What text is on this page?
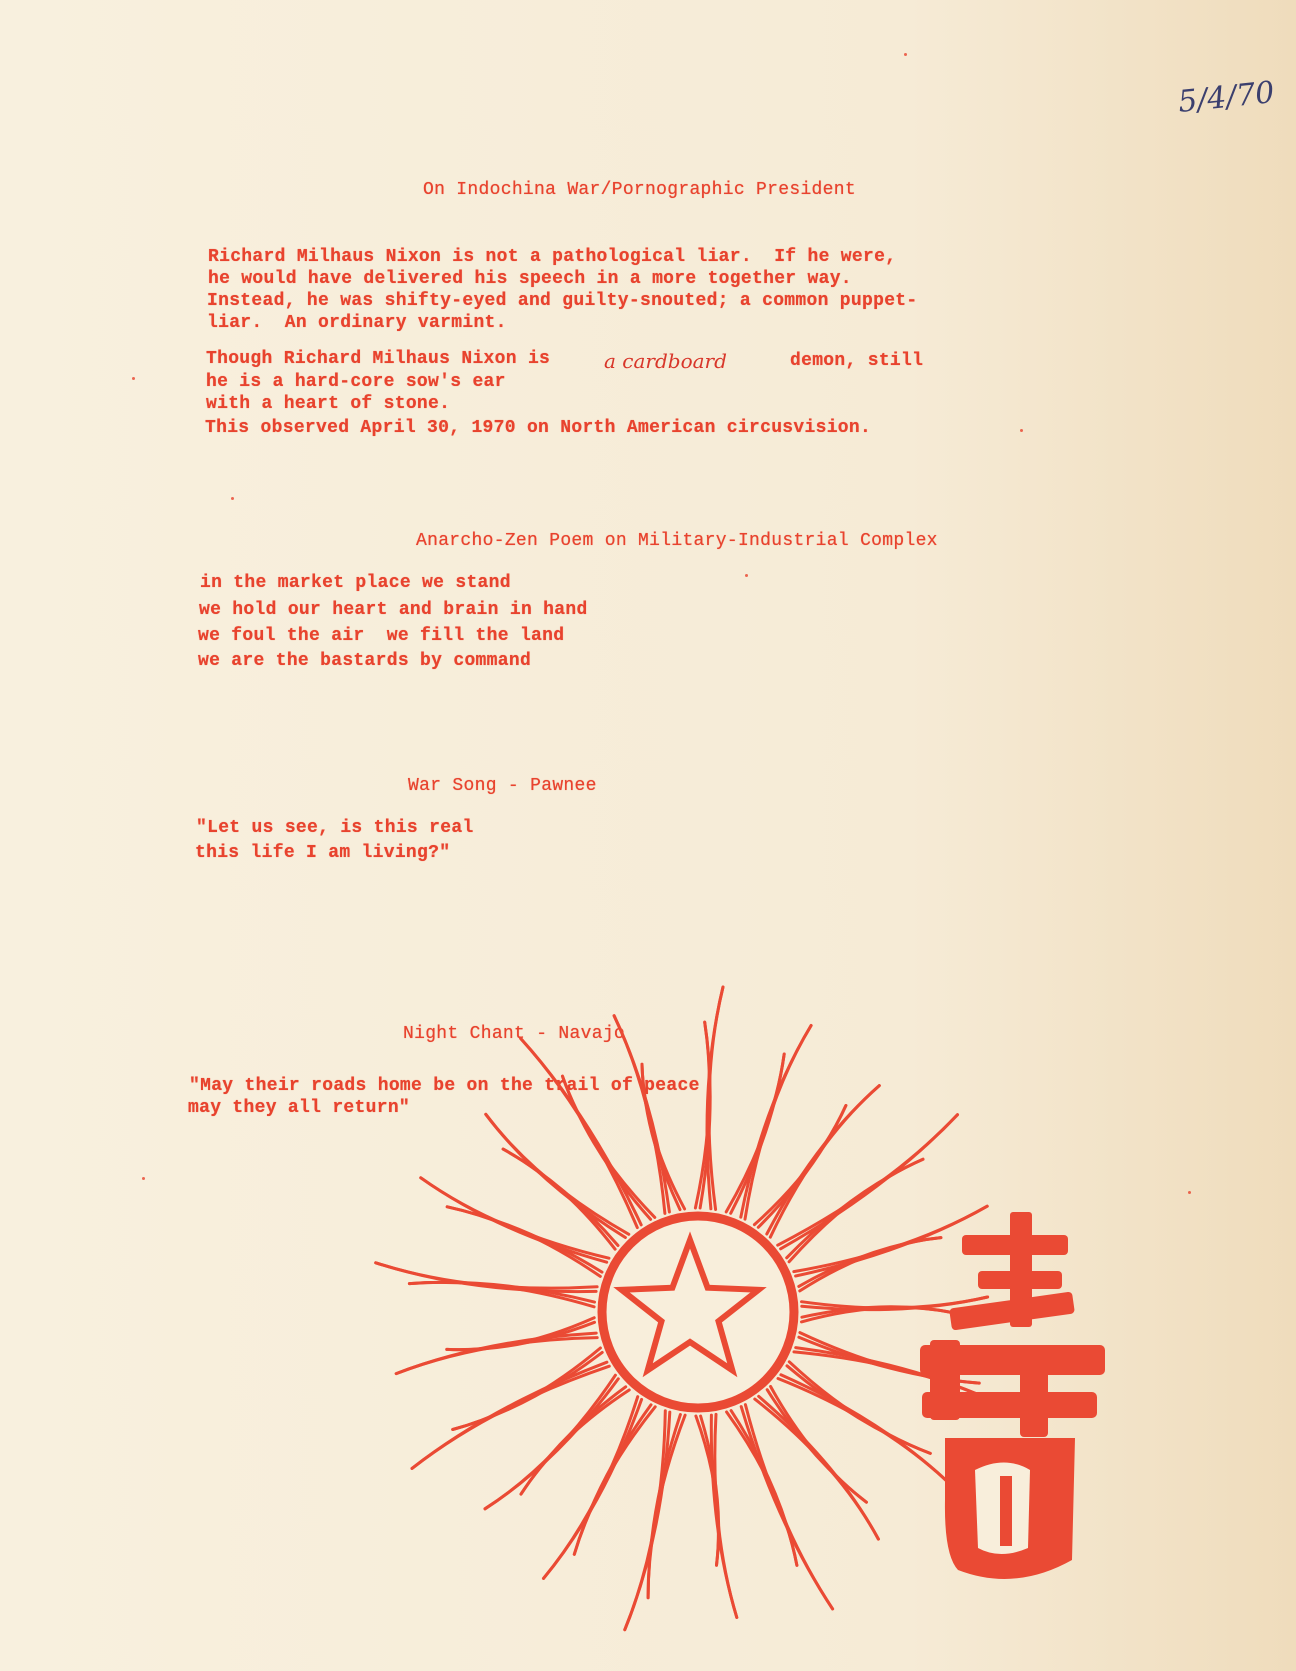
5/4/70
On Indochina War/Pornographic President
Richard Milhaus Nixon is not a pathological liar.  If he were,
he would have delivered his speech in a more together way.
Instead, he was shifty-eyed and guilty-snouted; a common puppet-
liar.  An ordinary varmint.
Though Richard Milhaus Nixon is	a cardboard	demon, still
he is a hard-core sow's ear
with a heart of stone.
This observed April 30, 1970 on North American circusvision.
Anarcho-Zen Poem on Military-Industrial Complex
in the market place we stand
we hold our heart and brain in hand
we foul the air  we fill the land
we are the bastards by command
War Song - Pawnee
"Let us see, is this real
this life I am living?"
Night Chant - Navajo
"May their roads home be on the trail of peace
may they all return"
